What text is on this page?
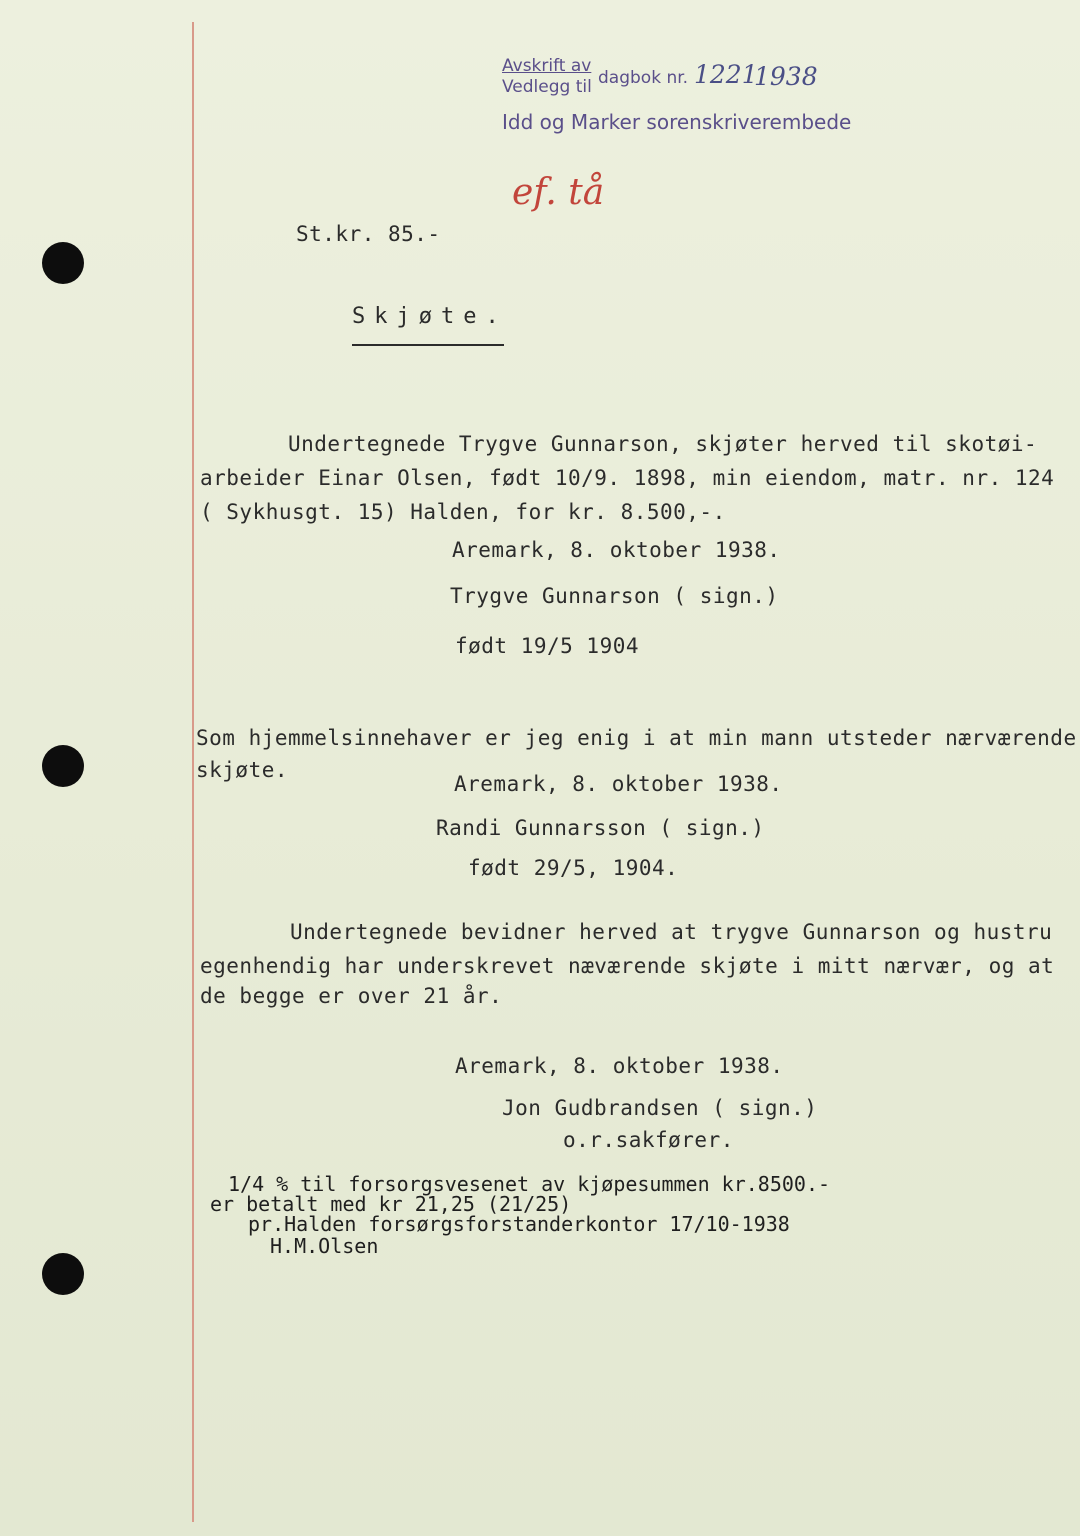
Avskrift av
Vedlegg til dagbok nr. 1221
1938
Idd og Marker sorenskriverembede
ef. tå
St.kr. 85.-
Skjøte.
Undertegnede Trygve Gunnarson, skjøter herved til skotøi-
arbeider Einar Olsen, født 10/9. 1898, min eiendom, matr. nr. 124
( Sykhusgt. 15) Halden, for kr. 8.500,-.
Aremark, 8. oktober 1938.
Trygve Gunnarson ( sign.)
født 19/5 1904
Som hjemmelsinnehaver er jeg enig i at min mann utsteder nærværende
skjøte.
Aremark, 8. oktober 1938.
Randi Gunnarsson ( sign.)
født 29/5, 1904.
Undertegnede bevidner herved at trygve Gunnarson og hustru
egenhendig har underskrevet næværende skjøte i mitt nærvær, og at
de begge er over 21 år.
Aremark, 8. oktober 1938.
Jon Gudbrandsen ( sign.)
o.r.sakfører.
1/4 % til forsorgsvesenet av kjøpesummen kr.8500.-
er betalt med kr 21,25 (21/25)
pr.Halden forsørgsforstanderkontor 17/10-1938
H.M.Olsen
